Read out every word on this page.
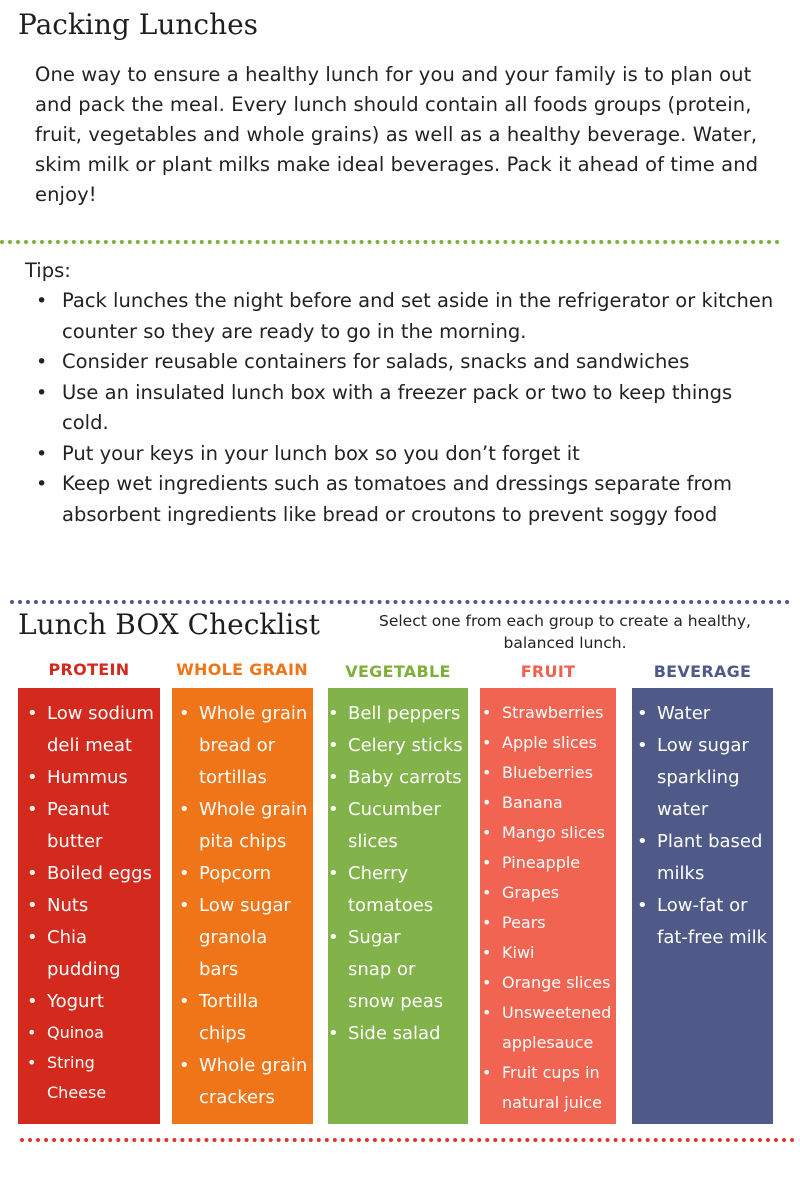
Packing Lunches

One way to ensure a healthy lunch for you and your family is to plan out and pack the meal. Every lunch should contain all foods groups (protein, fruit, vegetables and whole grains) as well as a healthy beverage. Water, skim milk or plant milks make ideal beverages. Pack it ahead of time and enjoy!

Tips:

• Pack lunches the night before and set aside in the refrigerator or kitchen counter so they are ready to go in the morning.
• Consider reusable containers for salads, snacks and sandwiches
• Use an insulated lunch box with a freezer pack or two to keep things cold.
• Put your keys in your lunch box so you don’t forget it
• Keep wet ingredients such as tomatoes and dressings separate from absorbent ingredients like bread or croutons to prevent soggy food
Lunch BOX Checklist	Select one from each group to create a healthy, balanced lunch.

PROTEIN

• Low sodium deli meat
• Hummus
• Peanut butter
• Boiled eggs
• Nuts
• Chia pudding
• Yogurt
• Quinoa
• String Cheese

WHOLE GRAIN

• Whole grain bread or tortillas
• Whole grain pita chips
• Popcorn
• Low sugar granola bars
• Tortilla chips
• Whole grain crackers

VEGETABLE

• Bell peppers
• Celery sticks
• Baby carrots
• Cucumber slices
• Cherry tomatoes
• Sugar snap or snow peas
• Side salad

FRUIT

• Strawberries
• Apple slices
• Blueberries
• Banana
• Mango slices
• Pineapple
• Grapes
• Pears
• Kiwi
• Orange slices
• Unsweetened applesauce
• Fruit cups in natural juice

BEVERAGE

• Water
• Low sugar sparkling water
• Plant based milks
• Low-fat or fat-free milk
